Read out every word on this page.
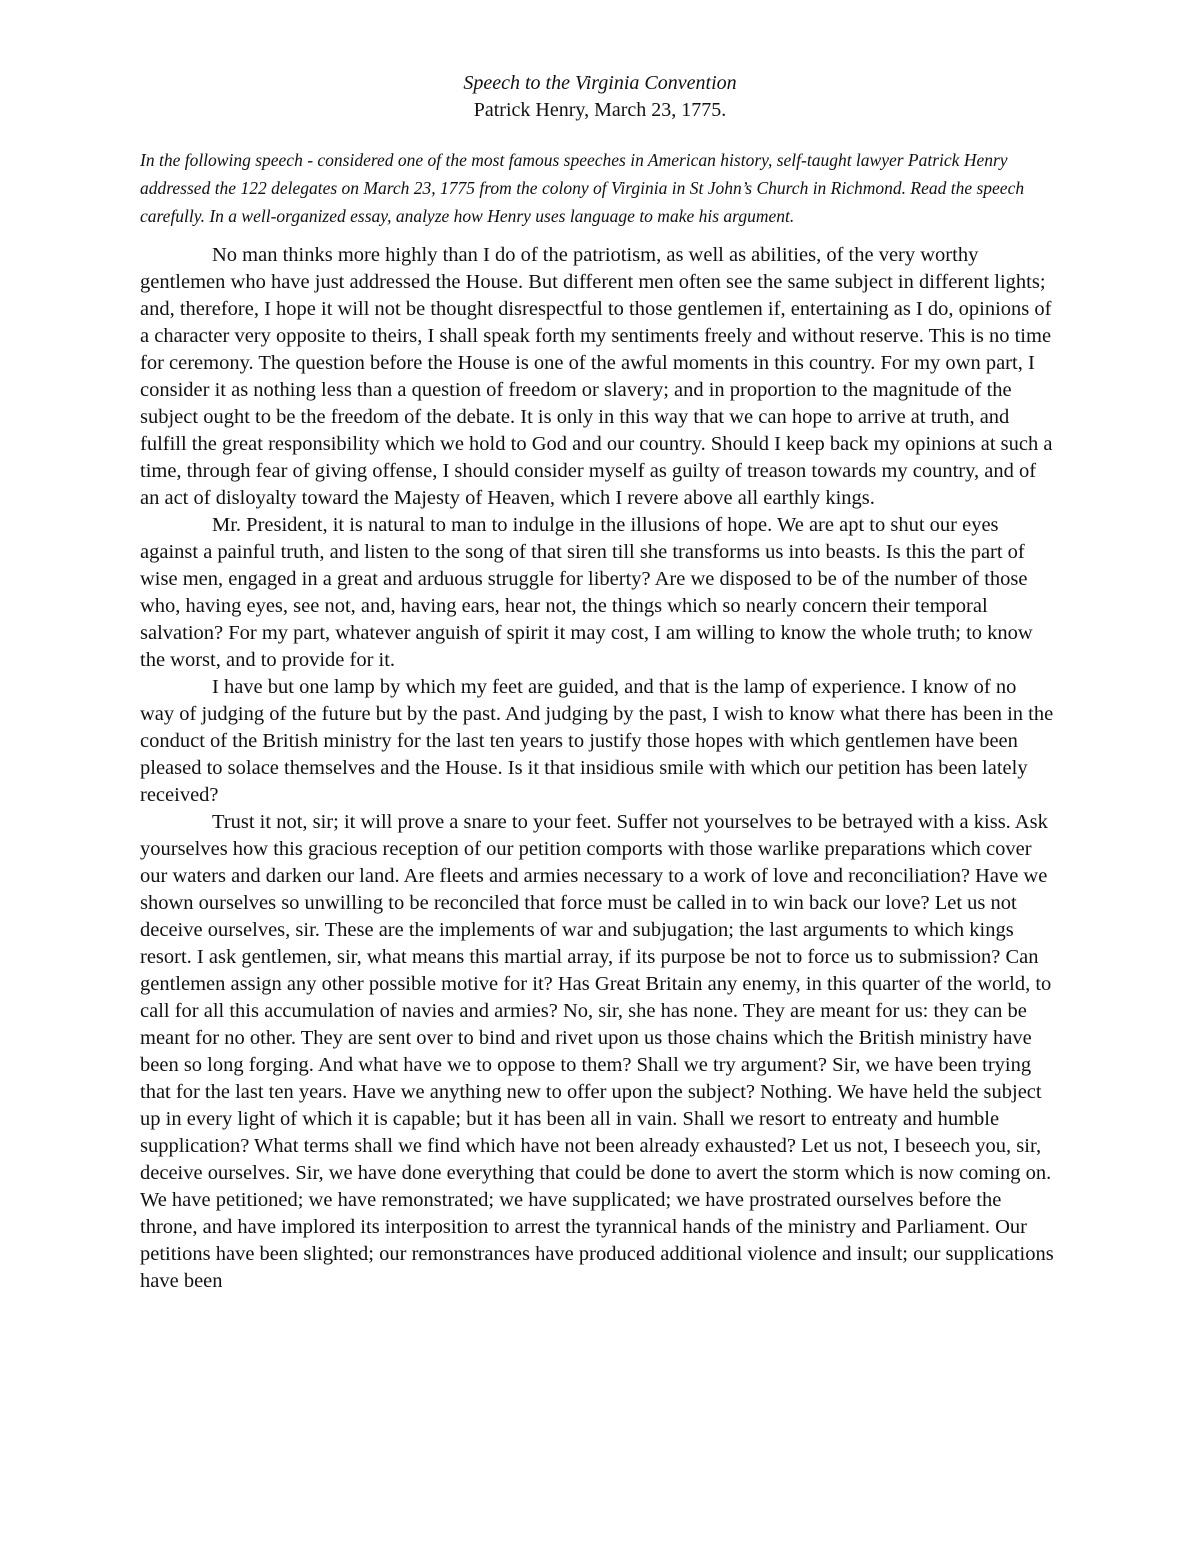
Speech to the Virginia Convention
Patrick Henry, March 23, 1775.
In the following speech - considered one of the most famous speeches in American history, self-taught lawyer Patrick Henry addressed the 122 delegates on March 23, 1775 from the colony of Virginia in St John’s Church in Richmond. Read the speech carefully. In a well-organized essay, analyze how Henry uses language to make his argument.

No man thinks more highly than I do of the patriotism, as well as abilities, of the very worthy gentlemen who have just addressed the House. But different men often see the same subject in different lights; and, therefore, I hope it will not be thought disrespectful to those gentlemen if, entertaining as I do, opinions of a character very opposite to theirs, I shall speak forth my sentiments freely and without reserve. This is no time for ceremony. The question before the House is one of the awful moments in this country. For my own part, I consider it as nothing less than a question of freedom or slavery; and in proportion to the magnitude of the subject ought to be the freedom of the debate. It is only in this way that we can hope to arrive at truth, and fulfill the great responsibility which we hold to God and our country. Should I keep back my opinions at such a time, through fear of giving offense, I should consider myself as guilty of treason towards my country, and of an act of disloyalty toward the Majesty of Heaven, which I revere above all earthly kings.

Mr. President, it is natural to man to indulge in the illusions of hope. We are apt to shut our eyes against a painful truth, and listen to the song of that siren till she transforms us into beasts. Is this the part of wise men, engaged in a great and arduous struggle for liberty? Are we disposed to be of the number of those who, having eyes, see not, and, having ears, hear not, the things which so nearly concern their temporal salvation? For my part, whatever anguish of spirit it may cost, I am willing to know the whole truth; to know the worst, and to provide for it.

I have but one lamp by which my feet are guided, and that is the lamp of experience. I know of no way of judging of the future but by the past. And judging by the past, I wish to know what there has been in the conduct of the British ministry for the last ten years to justify those hopes with which gentlemen have been pleased to solace themselves and the House. Is it that insidious smile with which our petition has been lately received?

Trust it not, sir; it will prove a snare to your feet. Suffer not yourselves to be betrayed with a kiss. Ask yourselves how this gracious reception of our petition comports with those warlike preparations which cover our waters and darken our land. Are fleets and armies necessary to a work of love and reconciliation? Have we shown ourselves so unwilling to be reconciled that force must be called in to win back our love? Let us not deceive ourselves, sir. These are the implements of war and subjugation; the last arguments to which kings resort. I ask gentlemen, sir, what means this martial array, if its purpose be not to force us to submission? Can gentlemen assign any other possible motive for it? Has Great Britain any enemy, in this quarter of the world, to call for all this accumulation of navies and armies? No, sir, she has none. They are meant for us: they can be meant for no other. They are sent over to bind and rivet upon us those chains which the British ministry have been so long forging. And what have we to oppose to them? Shall we try argument? Sir, we have been trying that for the last ten years. Have we anything new to offer upon the subject? Nothing. We have held the subject up in every light of which it is capable; but it has been all in vain. Shall we resort to entreaty and humble supplication? What terms shall we find which have not been already exhausted? Let us not, I beseech you, sir, deceive ourselves. Sir, we have done everything that could be done to avert the storm which is now coming on. We have petitioned; we have remonstrated; we have supplicated; we have prostrated ourselves before the throne, and have implored its interposition to arrest the tyrannical hands of the ministry and Parliament. Our petitions have been slighted; our remonstrances have produced additional violence and insult; our supplications have been
